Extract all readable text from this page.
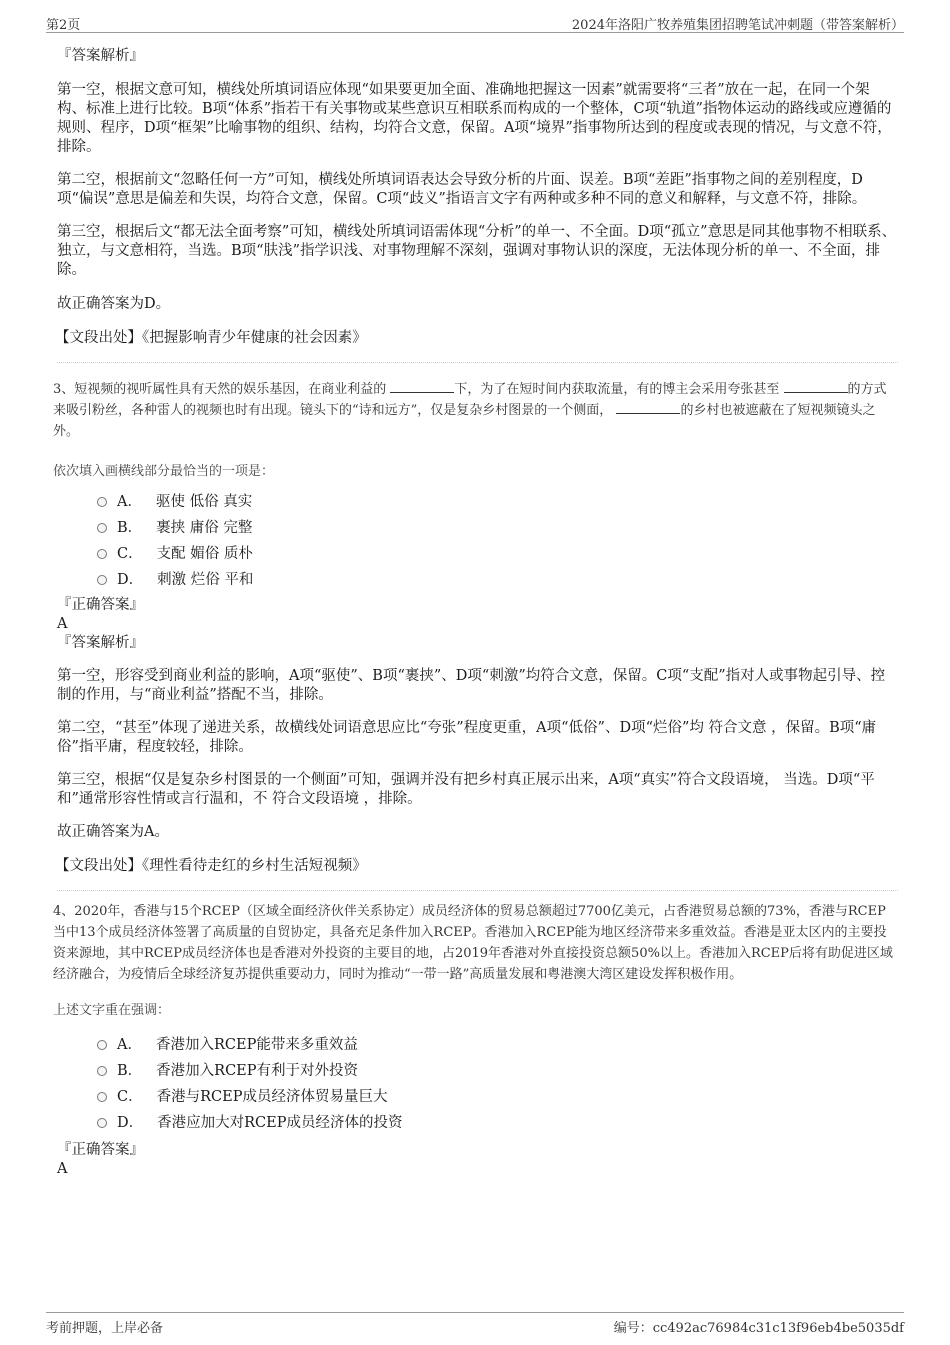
第2页	2024年洛阳广牧养殖集团招聘笔试冲刺题（带答案解析）
『答案解析』

第一空，根据文意可知，横线处所填词语应体现“如果要更加全面、准确地把握这一因素”就需要将“三者”放在一起，在同一个架构、标准上进行比较。B项“体系”指若干有关事物或某些意识互相联系而构成的一个整体，C项“轨道”指物体运动的路线或应遵循的规则、程序，D项“框架”比喻事物的组织、结构，均符合文意，保留。A项“境界”指事物所达到的程度或表现的情况，与文意不符，排除。

第二空，根据前文“忽略任何一方”可知，横线处所填词语表达会导致分析的片面、误差。B项“差距”指事物之间的差别程度，D项“偏误”意思是偏差和失误，均符合文意，保留。C项“歧义”指语言文字有两种或多种不同的意义和解释，与文意不符，排除。

第三空，根据后文“都无法全面考察”可知，横线处所填词语需体现“分析”的单一、不全面。D项“孤立”意思是同其他事物不相联系、独立，与文意相符，当选。B项“肤浅”指学识浅、对事物理解不深刻，强调对事物认识的深度，无法体现分析的单一、不全面，排除。

故正确答案为D。

【文段出处】《把握影响青少年健康的社会因素》

3、短视频的视听属性具有天然的娱乐基因，在商业利益的	下，为了在短时间内获取流量，有的博主会采用夸张甚至	的方式来吸引粉丝，各种雷人的视频也时有出现。镜头下的“诗和远方”，仅是复杂乡村图景的一个侧面，	的乡村也被遮蔽在了短视频镜头之外。

依次填入画横线部分最恰当的一项是：
A． 驱使 低俗 真实
B． 裹挟 庸俗 完整
C． 支配 媚俗 质朴
D． 刺激 烂俗 平和
『正确答案』
A
『答案解析』

第一空，形容受到商业利益的影响，A项“驱使”、B项“裹挟”、D项“刺激”均符合文意，保留。C项“支配”指对人或事物起引导、控制的作用，与“商业利益”搭配不当，排除。

第二空，“甚至”体现了递进关系，故横线处词语意思应比“夸张”程度更重，A项“低俗”、D项“烂俗”均 符合文意 ，保留。B项“庸俗”指平庸，程度较轻，排除。

第三空，根据“仅是复杂乡村图景的一个侧面”可知，强调并没有把乡村真正展示出来，A项“真实”符合文段语境， 当选。D项“平和”通常形容性情或言行温和，不 符合文段语境 ，排除。

故正确答案为A。

【文段出处】《理性看待走红的乡村生活短视频》

4、2020年，香港与15个RCEP（区域全面经济伙伴关系协定）成员经济体的贸易总额超过7700亿美元，占香港贸易总额的73%，香港与RCEP当中13个成员经济体签署了高质量的自贸协定，具备充足条件加入RCEP。香港加入RCEP能为地区经济带来多重效益。香港是亚太区内的主要投资来源地，其中RCEP成员经济体也是香港对外投资的主要目的地，占2019年香港对外直接投资总额50%以上。香港加入RCEP后将有助促进区域经济融合，为疫情后全球经济复苏提供重要动力，同时为推动“一带一路”高质量发展和粤港澳大湾区建设发挥积极作用。

上述文字重在强调：
A． 香港加入RCEP能带来多重效益
B． 香港加入RCEP有利于对外投资
C． 香港与RCEP成员经济体贸易量巨大
D． 香港应加大对RCEP成员经济体的投资
『正确答案』
A
考前押题，上岸必备	编号：cc492ac76984c31c13f96eb4be5035df
